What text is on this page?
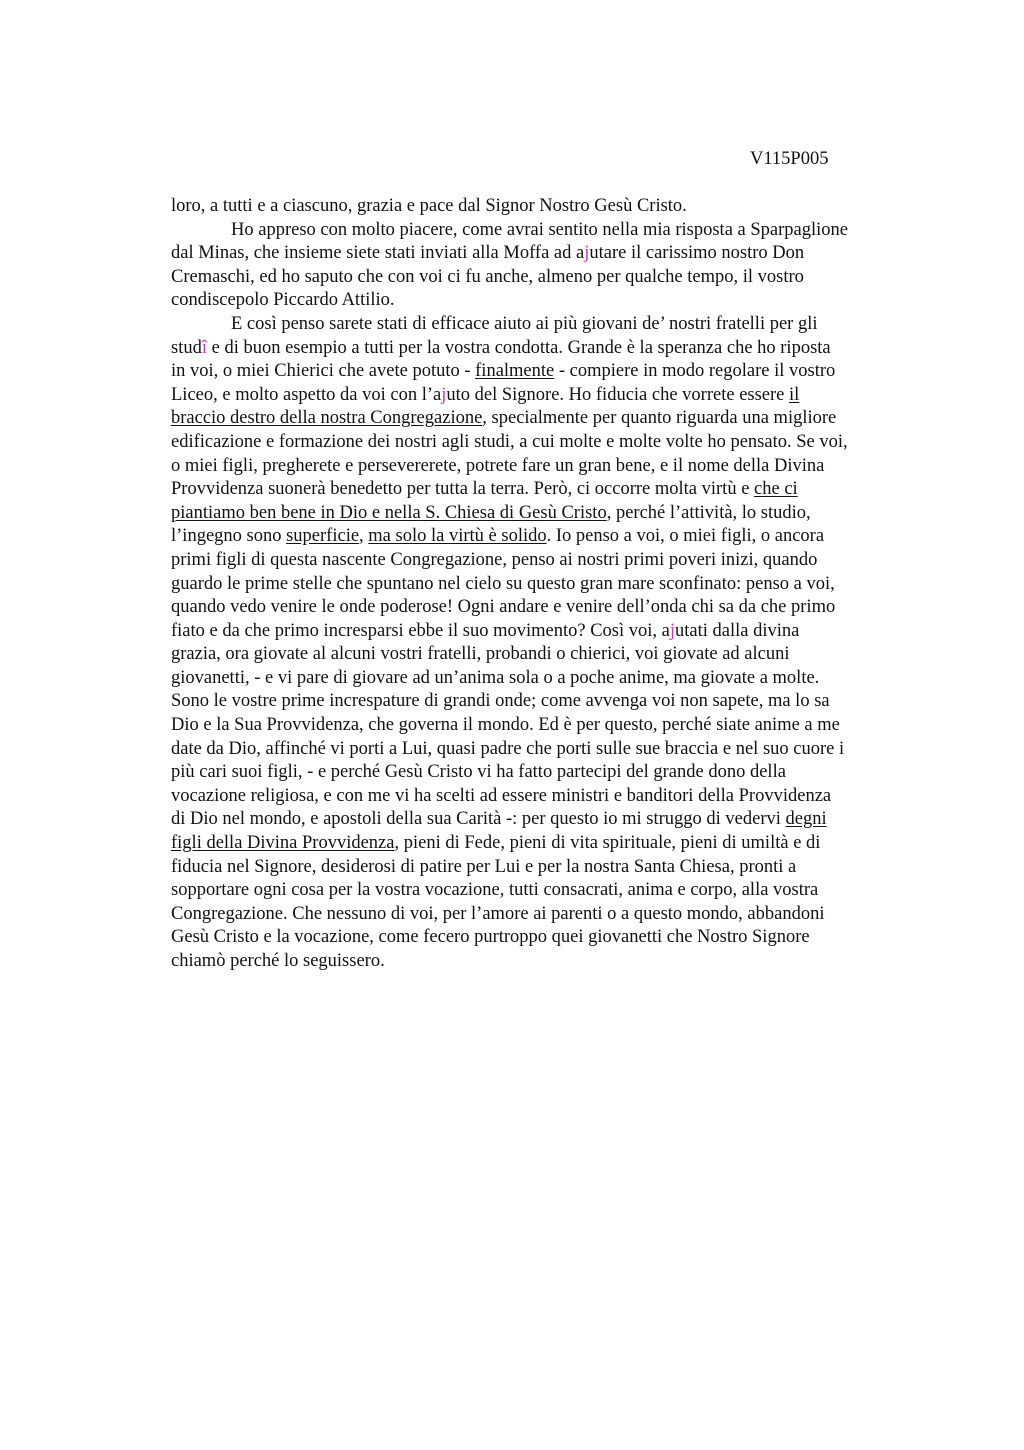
V115P005
loro, a tutti e a ciascuno, grazia e pace dal Signor Nostro Gesù Cristo.
Ho appreso con molto piacere, come avrai sentito nella mia risposta a Sparpaglione
dal Minas, che insieme siete stati inviati alla Moffa ad ajutare il carissimo nostro Don
Cremaschi, ed ho saputo che con voi ci fu anche, almeno per qualche tempo, il vostro
condiscepolo Piccardo Attilio.
E così penso sarete stati di efficace aiuto ai più giovani de’ nostri fratelli per gli
studî e di buon esempio a tutti per la vostra condotta. Grande è la speranza che ho riposta
in voi, o miei Chierici che avete potuto - finalmente - compiere in modo regolare il vostro
Liceo, e molto aspetto da voi con l’ajuto del Signore. Ho fiducia che vorrete essere il
braccio destro della nostra Congregazione, specialmente per quanto riguarda una migliore
edificazione e formazione dei nostri agli studi, a cui molte e molte volte ho pensato. Se voi,
o miei figli, pregherete e persevererete, potrete fare un gran bene, e il nome della Divina
Provvidenza suonerà benedetto per tutta la terra. Però, ci occorre molta virtù e che ci
piantiamo ben bene in Dio e nella S. Chiesa di Gesù Cristo, perché l’attività, lo studio,
l’ingegno sono superficie, ma solo la virtù è solido. Io penso a voi, o miei figli, o ancora
primi figli di questa nascente Congregazione, penso ai nostri primi poveri inizi, quando
guardo le prime stelle che spuntano nel cielo su questo gran mare sconfinato: penso a voi,
quando vedo venire le onde poderose! Ogni andare e venire dell’onda chi sa da che primo
fiato e da che primo incresparsi ebbe il suo movimento? Così voi, ajutati dalla divina
grazia, ora giovate al alcuni vostri fratelli, probandi o chierici, voi giovate ad alcuni
giovanetti, - e vi pare di giovare ad un’anima sola o a poche anime, ma giovate a molte.
Sono le vostre prime increspature di grandi onde; come avvenga voi non sapete, ma lo sa
Dio e la Sua Provvidenza, che governa il mondo. Ed è per questo, perché siate anime a me
date da Dio, affinché vi porti a Lui, quasi padre che porti sulle sue braccia e nel suo cuore i
più cari suoi figli, - e perché Gesù Cristo vi ha fatto partecipi del grande dono della
vocazione religiosa, e con me vi ha scelti ad essere ministri e banditori della Provvidenza
di Dio nel mondo, e apostoli della sua Carità -: per questo io mi struggo di vedervi degni
figli della Divina Provvidenza, pieni di Fede, pieni di vita spirituale, pieni di umiltà e di
fiducia nel Signore, desiderosi di patire per Lui e per la nostra Santa Chiesa, pronti a
sopportare ogni cosa per la vostra vocazione, tutti consacrati, anima e corpo, alla vostra
Congregazione. Che nessuno di voi, per l’amore ai parenti o a questo mondo, abbandoni
Gesù Cristo e la vocazione, come fecero purtroppo quei giovanetti che Nostro Signore
chiamò perché lo seguissero.
